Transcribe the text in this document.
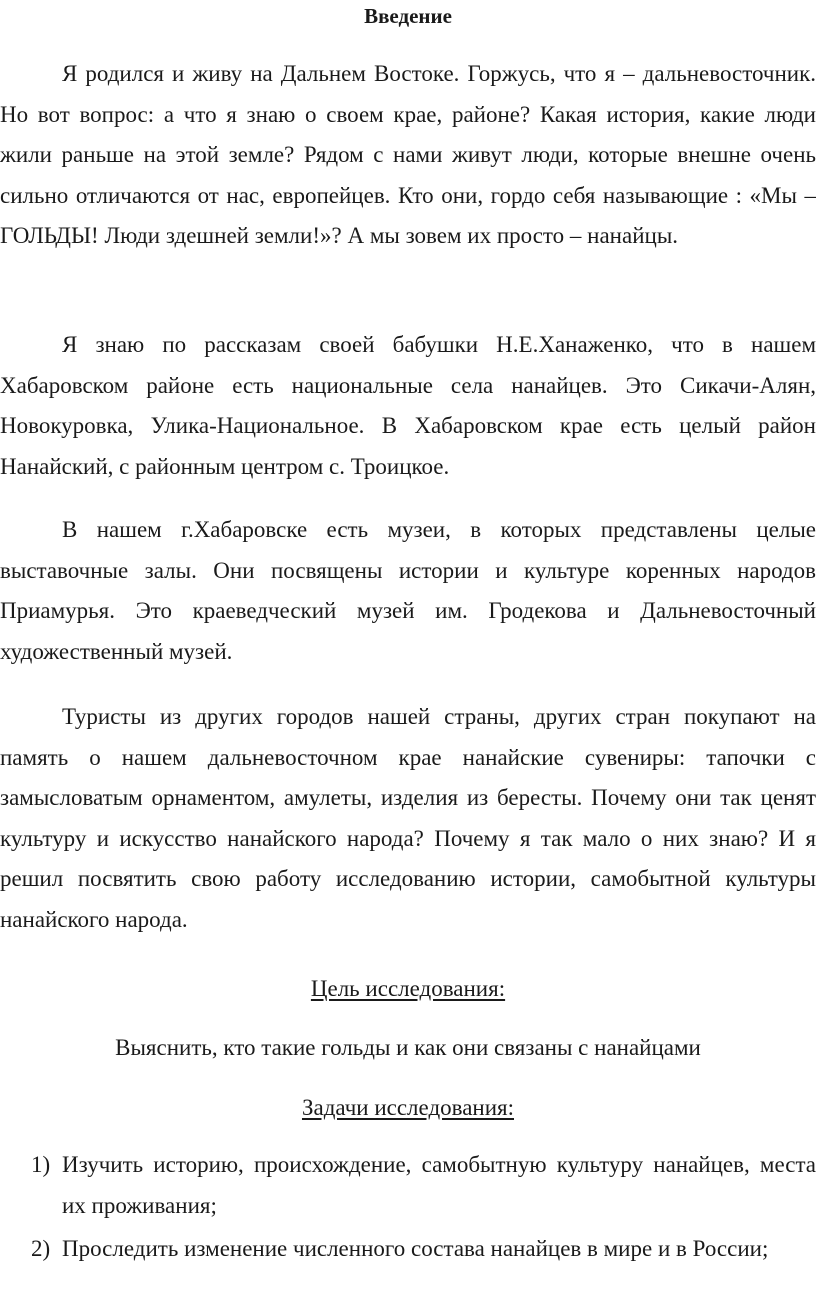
Введение

Я родился и живу на Дальнем Востоке. Горжусь, что я – дальневосточник. Но вот вопрос: а что я знаю о своем крае, районе? Какая история, какие люди жили раньше на этой земле? Рядом с нами живут люди, которые внешне очень сильно отличаются от нас, европейцев. Кто они, гордо себя называющие : «Мы – ГОЛЬДЫ! Люди здешней земли!»? А мы зовем их просто – нанайцы.

Я знаю по рассказам своей бабушки Н.Е.Ханаженко, что в нашем Хабаровском районе есть национальные села нанайцев. Это Сикачи-Алян, Новокуровка, Улика-Национальное. В Хабаровском крае есть целый район Нанайский, с районным центром с. Троицкое.

В нашем г.Хабаровске есть музеи, в которых представлены целые выставочные залы. Они посвящены истории и культуре коренных народов Приамурья. Это краеведческий музей им. Гродекова и Дальневосточный художественный музей.

Туристы из других городов нашей страны, других стран покупают на память о нашем дальневосточном крае нанайские сувениры: тапочки с замысловатым орнаментом, амулеты, изделия из бересты. Почему они так ценят культуру и искусство нанайского народа? Почему я так мало о них знаю? И я решил посвятить свою работу исследованию истории, самобытной культуры нанайского народа.

Цель исследования:
Выяснить, кто такие гольды и как они связаны с нанайцами
Задачи исследования:
1) Изучить историю, происхождение, самобытную культуру нанайцев, места их проживания;
2) Проследить изменение численного состава нанайцев в мире и в России;
